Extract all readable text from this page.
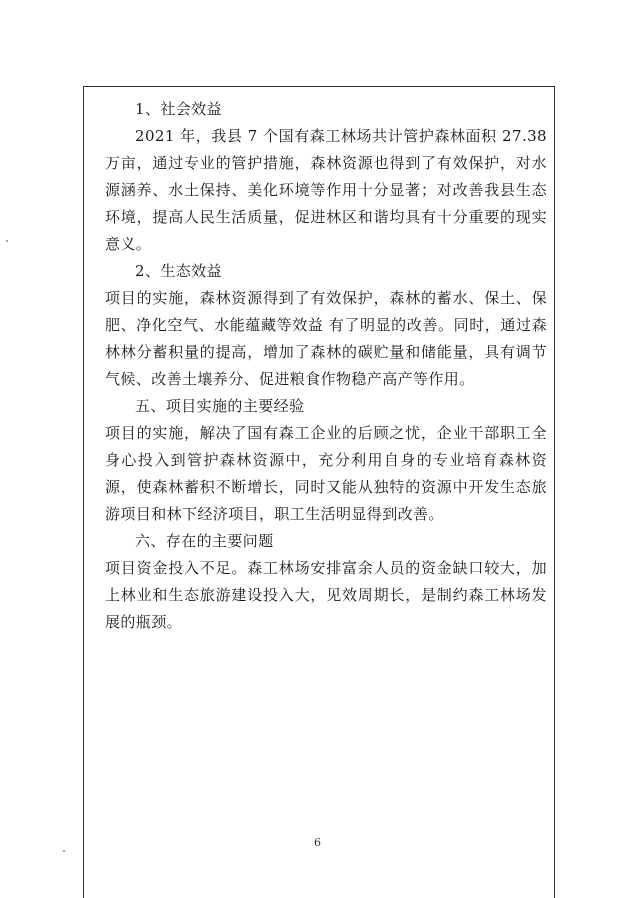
1、社会效益

2021 年，我县 7 个国有森工林场共计管护森林面积 27.38 万亩，通过专业的管护措施，森林资源也得到了有效保护，对水源涵养、水土保持、美化环境等作用十分显著；对改善我县生态环境，提高人民生活质量，促进林区和谐均具有十分重要的现实意义。

2、生态效益

项目的实施，森林资源得到了有效保护，森林的蓄水、保土、保肥、净化空气、水能蕴藏等效益 有了明显的改善。同时，通过森林林分蓄积量的提高，增加了森林的碳贮量和储能量，具有调节气候、改善土壤养分、促进粮食作物稳产高产等作用。

五、项目实施的主要经验

项目的实施，解决了国有森工企业的后顾之忧，企业干部职工全身心投入到管护森林资源中，充分利用自身的专业培育森林资源，使森林蓄积不断增长，同时又能从独特的资源中开发生态旅游项目和林下经济项目，职工生活明显得到改善。

六、存在的主要问题

项目资金投入不足。森工林场安排富余人员的资金缺口较大，加上林业和生态旅游建设投入大，见效周期长，是制约森工林场发展的瓶颈。

6
